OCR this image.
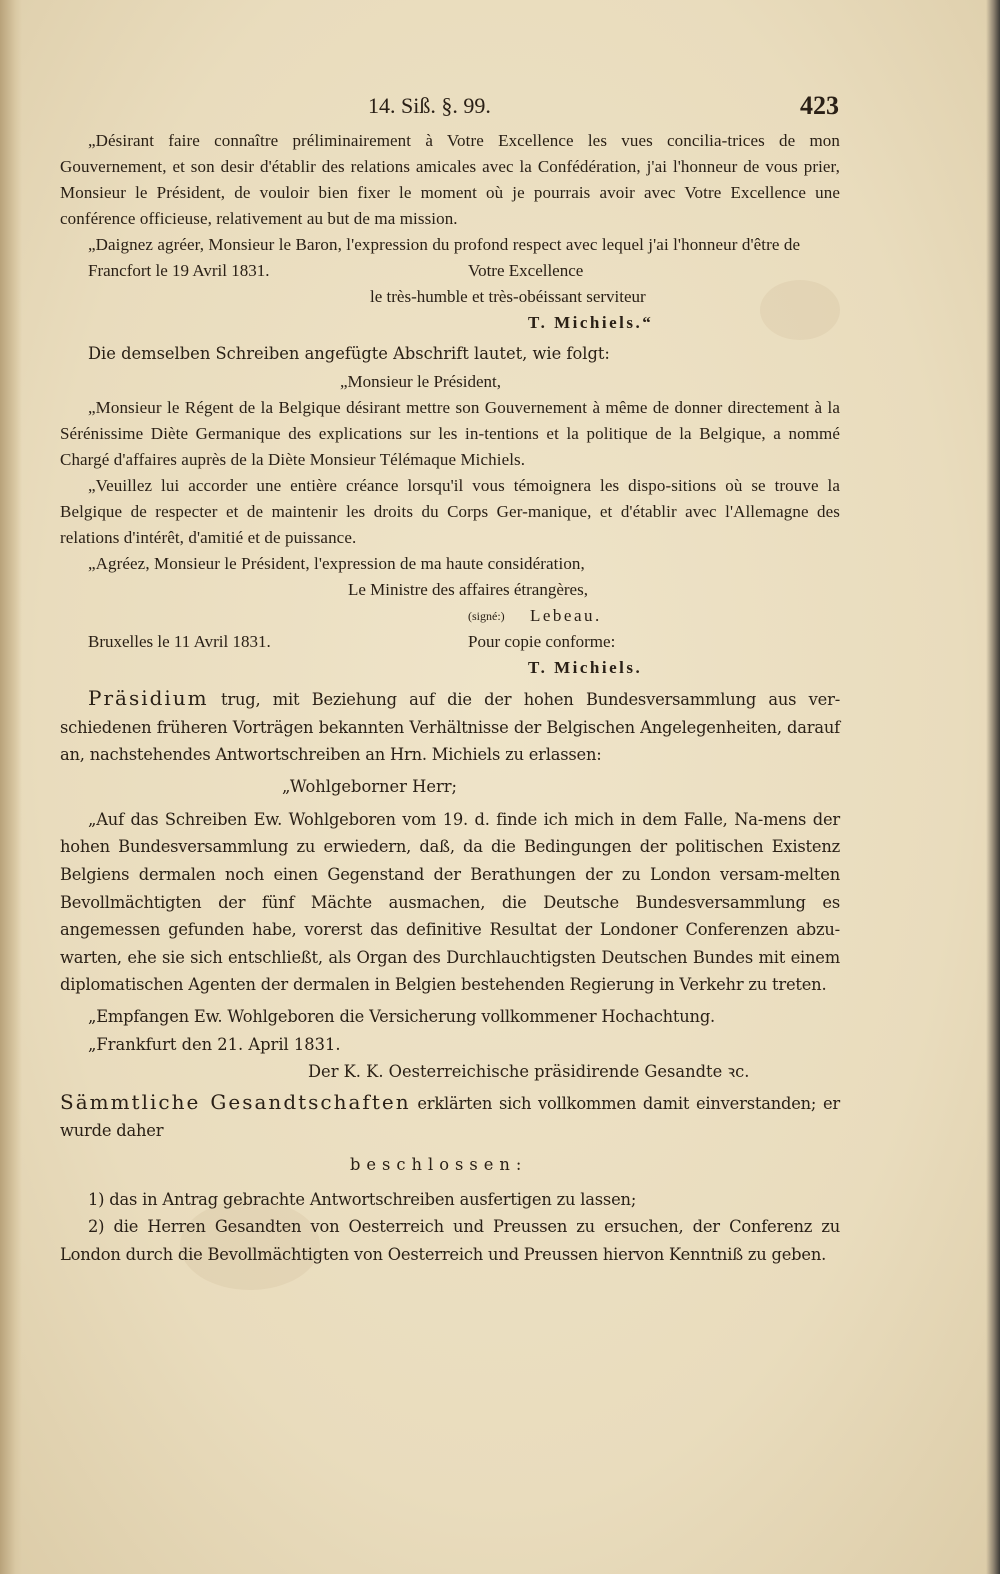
14. Siß. §. 99.	423

„Désirant faire connaître préliminairement à Votre Excellence les vues concilia-trices de mon Gouvernement, et son desir d'établir des relations amicales avec la Confédération, j'ai l'honneur de vous prier, Monsieur le Président, de vouloir bien fixer le moment où je pourrais avoir avec Votre Excellence une conférence officieuse, relativement au but de ma mission.

„Daignez agréer, Monsieur le Baron, l'expression du profond respect avec lequel j'ai l'honneur d'être de

Francfort le 19 Avril 1831.	Votre Excellence
le très-humble et très-obéissant serviteur
T. Michiels.“
Die demselben Schreiben angefügte Abschrift lautet, wie folgt:
„Monsieur le Président,

„Monsieur le Régent de la Belgique désirant mettre son Gouvernement à même de donner directement à la Sérénissime Diète Germanique des explications sur les in-tentions et la politique de la Belgique, a nommé Chargé d'affaires auprès de la Diète Monsieur Télémaque Michiels.

„Veuillez lui accorder une entière créance lorsqu'il vous témoignera les dispo-sitions où se trouve la Belgique de respecter et de maintenir les droits du Corps Ger-manique, et d'établir avec l'Allemagne des relations d'intérêt, d'amitié et de puissance.

„Agréez, Monsieur le Président, l'expression de ma haute considération,

Le Ministre des affaires étrangères,
(signé:) Lebeau.
Bruxelles le 11 Avril 1831.	Pour copie conforme:
T. Michiels.

Präsidium trug, mit Beziehung auf die der hohen Bundesversammlung aus ver-schiedenen früheren Vorträgen bekannten Verhältnisse der Belgischen Angelegenheiten, darauf an, nachstehendes Antwortschreiben an Hrn. Michiels zu erlassen:

„Wohlgeborner Herr;

„Auf das Schreiben Ew. Wohlgeboren vom 19. d. finde ich mich in dem Falle, Na-mens der hohen Bundesversammlung zu erwiedern, daß, da die Bedingungen der politischen Existenz Belgiens dermalen noch einen Gegenstand der Berathungen der zu London versam-melten Bevollmächtigten der fünf Mächte ausmachen, die Deutsche Bundesversammlung es angemessen gefunden habe, vorerst das definitive Resultat der Londoner Conferenzen abzu-warten, ehe sie sich entschließt, als Organ des Durchlauchtigsten Deutschen Bundes mit einem diplomatischen Agenten der dermalen in Belgien bestehenden Regierung in Verkehr zu treten.

„Empfangen Ew. Wohlgeboren die Versicherung vollkommener Hochachtung.

„Frankfurt den 21. April 1831.
Der K. K. Oesterreichische präsidirende Gesandte ꝛc.

Sämmtliche Gesandtschaften erklärten sich vollkommen damit einverstanden; er wurde daher

beschlossen:

1) das in Antrag gebrachte Antwortschreiben ausfertigen zu lassen;

2) die Herren Gesandten von Oesterreich und Preussen zu ersuchen, der Conferenz zu London durch die Bevollmächtigten von Oesterreich und Preussen hiervon Kenntniß zu geben.
